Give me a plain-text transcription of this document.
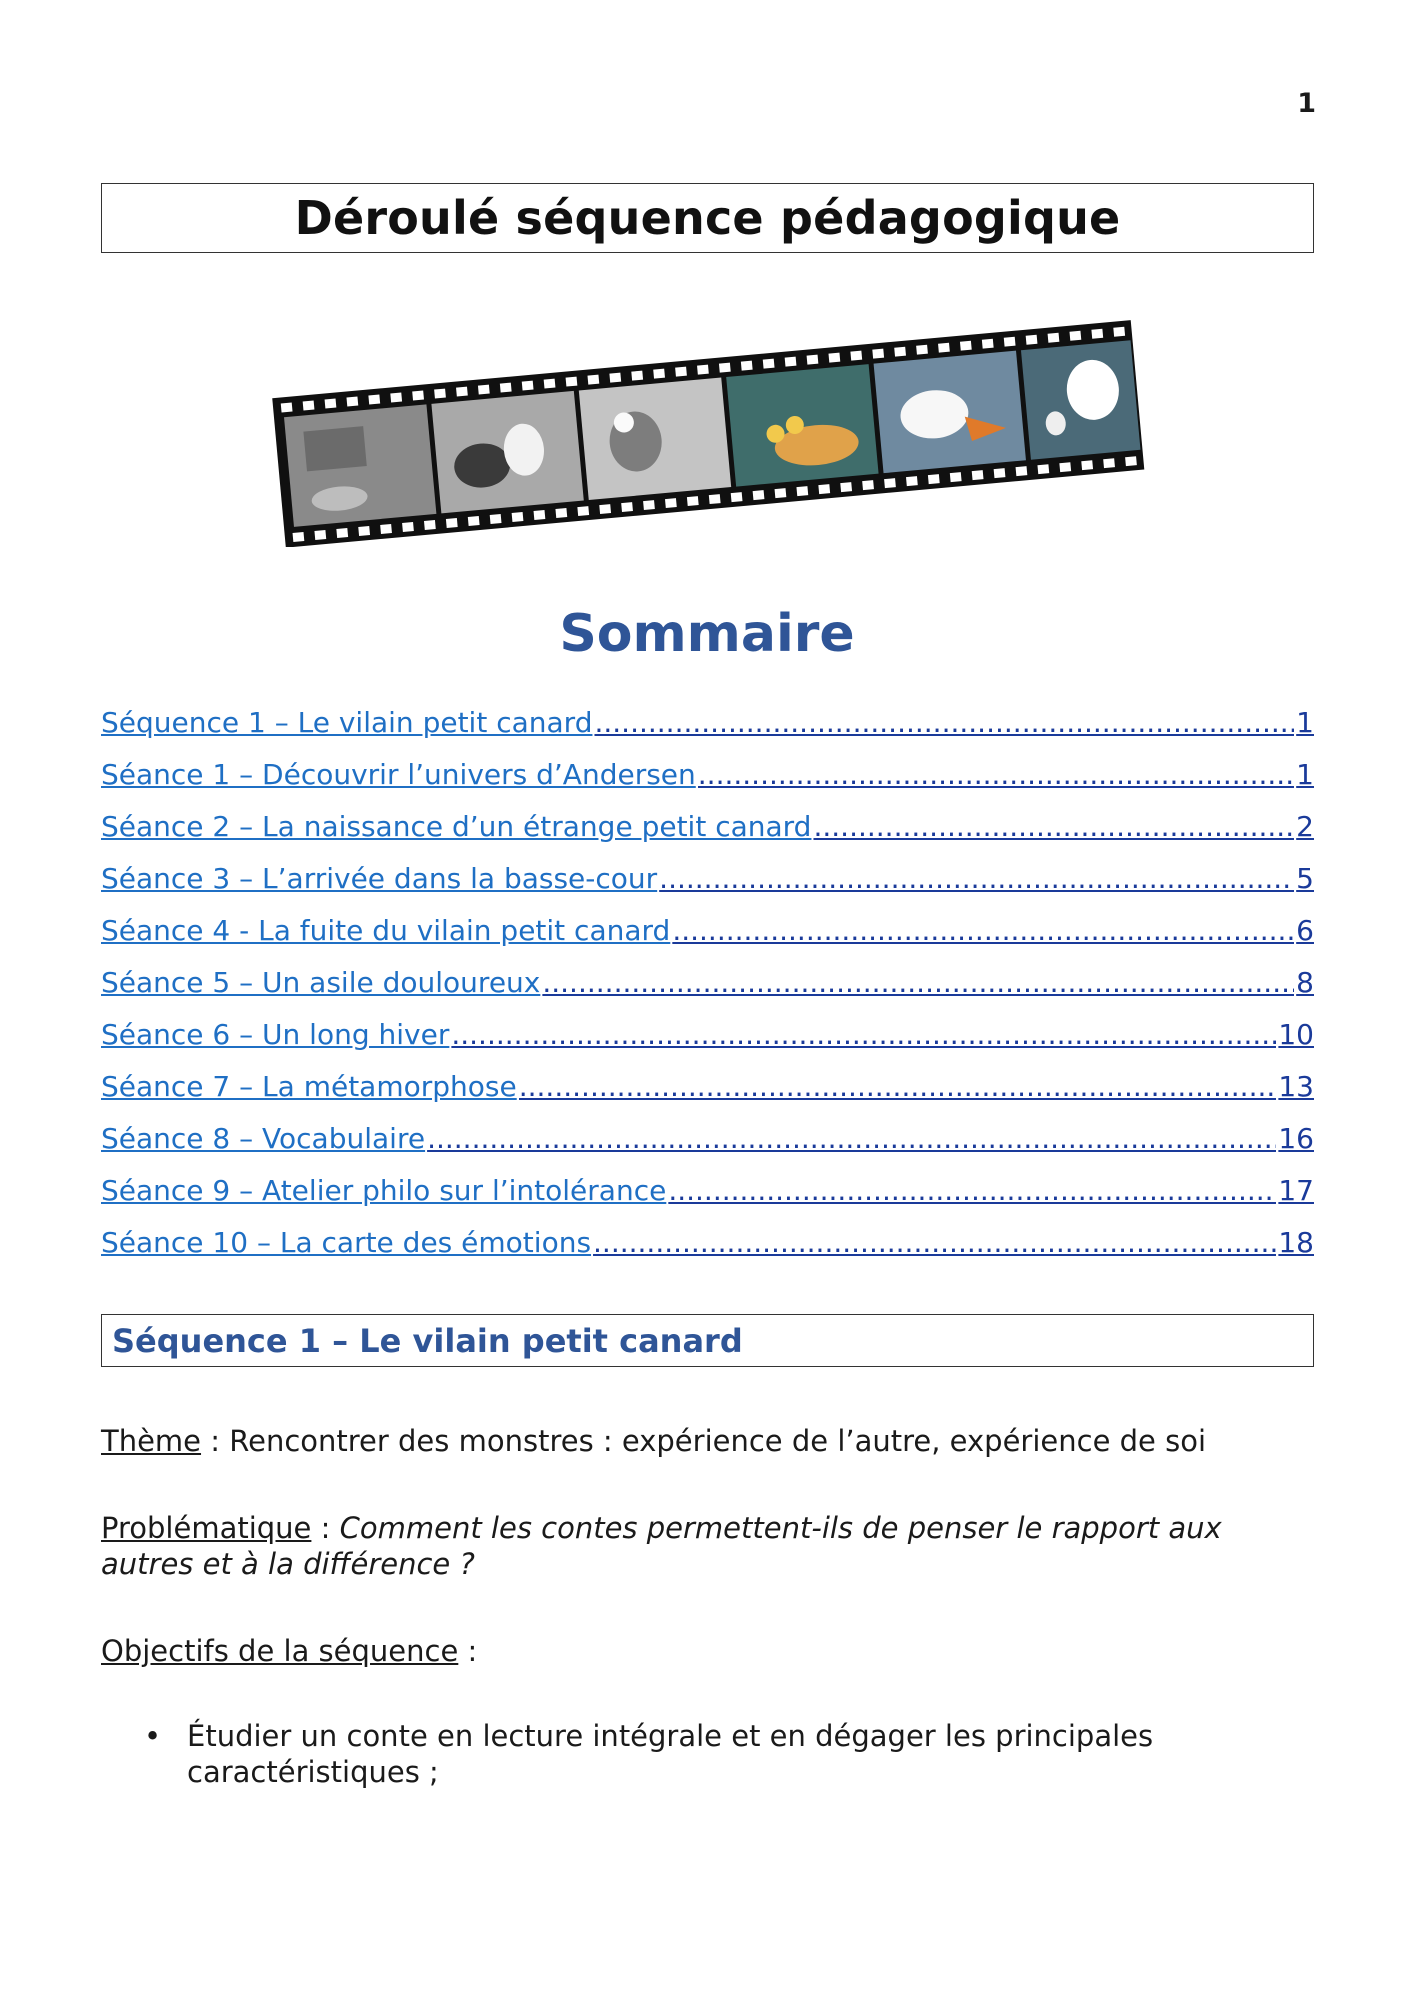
1
Déroulé séquence pédagogique
Sommaire
Séquence 1 – Le vilain petit canard .....	1
Séance 1 – Découvrir l’univers d’Andersen .....	1
Séance 2 – La naissance d’un étrange petit canard .....	2
Séance 3 – L’arrivée dans la basse-cour .....	5
Séance 4 - La fuite du vilain petit canard .....	6
Séance 5 – Un asile douloureux .....	8
Séance 6 – Un long hiver .....	10
Séance 7 – La métamorphose .....	13
Séance 8 – Vocabulaire .....	16
Séance 9 – Atelier philo sur l’intolérance .....	17
Séance 10 – La carte des émotions .....	18
Séquence 1 – Le vilain petit canard
Thème : Rencontrer des monstres : expérience de l’autre, expérience de soi
Problématique : Comment les contes permettent-ils de penser le rapport aux autres et à la différence ?
Objectifs de la séquence :
• Étudier un conte en lecture intégrale et en dégager les principales caractéristiques ;
